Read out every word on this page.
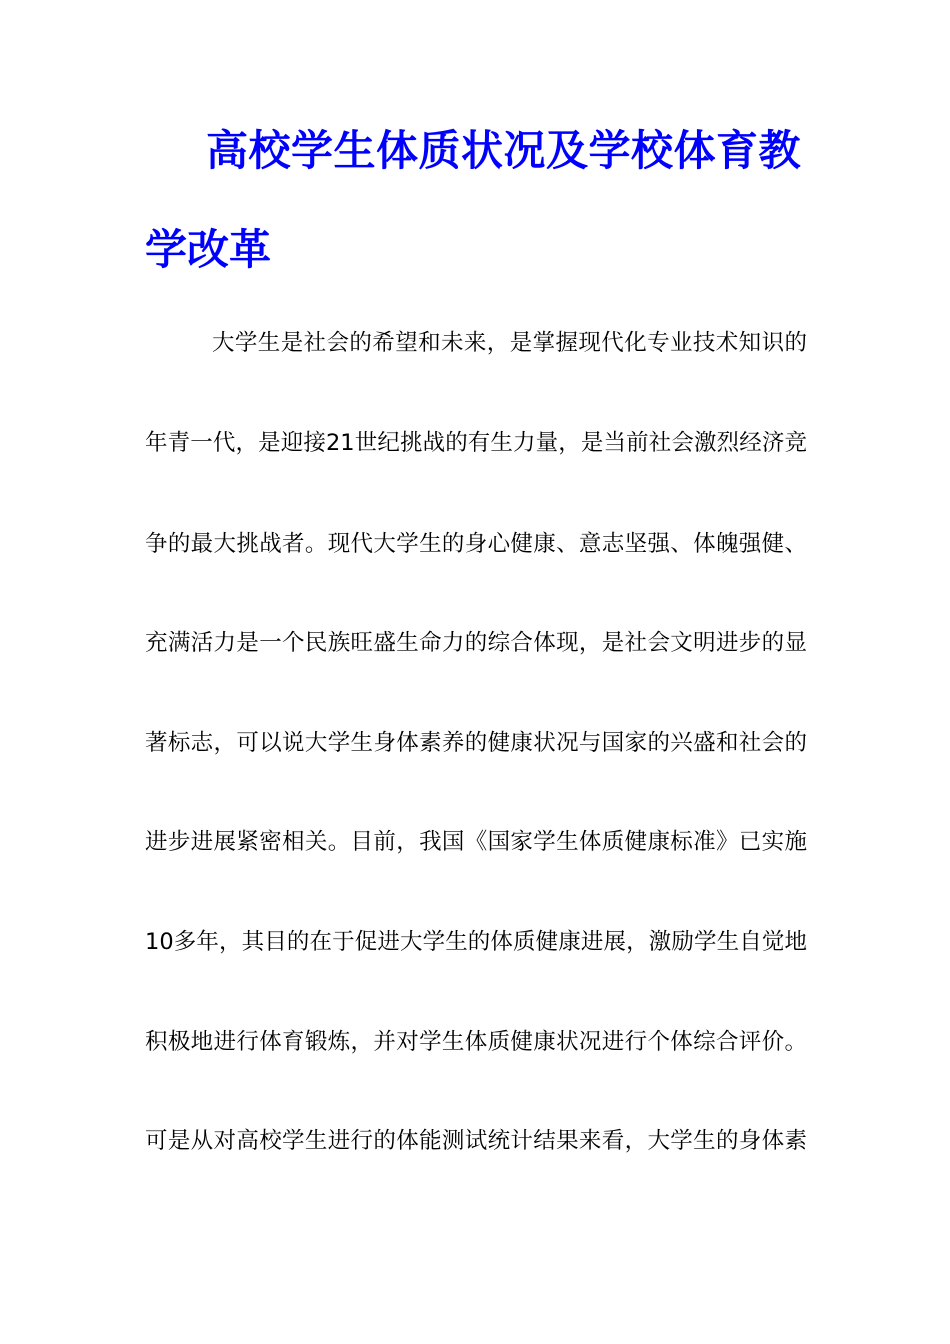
高校学生体质状况及学校体育教
学改革
大学生是社会的希望和未来，是掌握现代化专业技术知识的
年青一代，是迎接21世纪挑战的有生力量，是当前社会激烈经济竞
争的最大挑战者。现代大学生的身心健康、意志坚强、体魄强健、
充满活力是一个民族旺盛生命力的综合体现，是社会文明进步的显
著标志，可以说大学生身体素养的健康状况与国家的兴盛和社会的
进步进展紧密相关。目前，我国《国家学生体质健康标准》已实施
10多年，其目的在于促进大学生的体质健康进展，激励学生自觉地
积极地进行体育锻炼，并对学生体质健康状况进行个体综合评价。
可是从对高校学生进行的体能测试统计结果来看，大学生的身体素
